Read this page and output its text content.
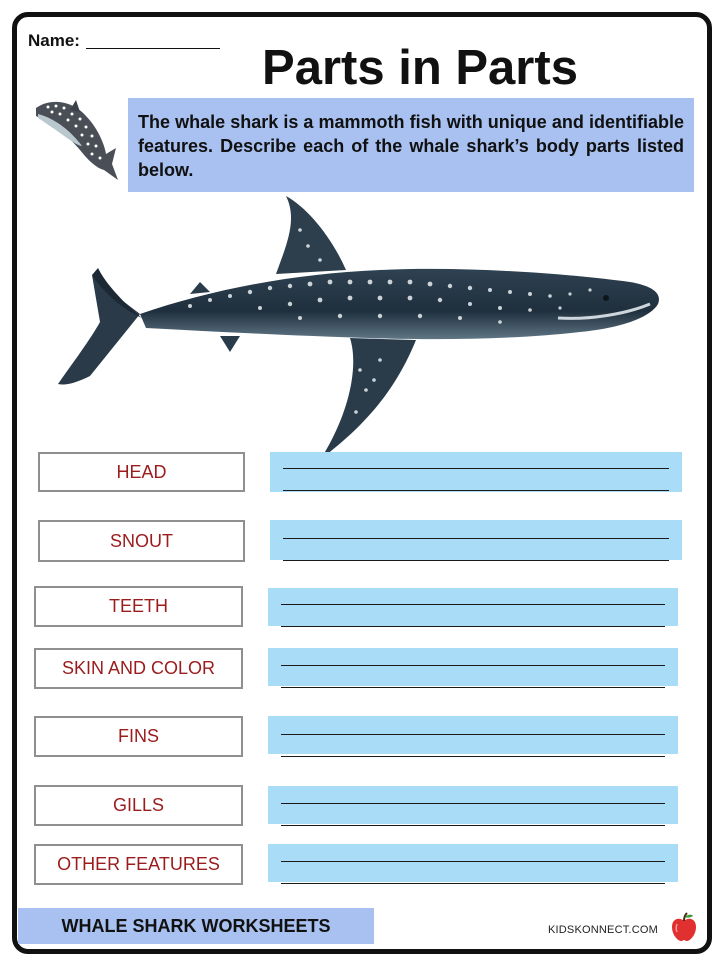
Name:
Parts in Parts
The whale shark is a mammoth fish with unique and identifiable features. Describe each of the whale shark’s body parts listed below.
HEAD
SNOUT
TEETH
SKIN AND COLOR
FINS
GILLS
OTHER FEATURES
WHALE SHARK WORKSHEETS	KIDSKONNECT.COM
